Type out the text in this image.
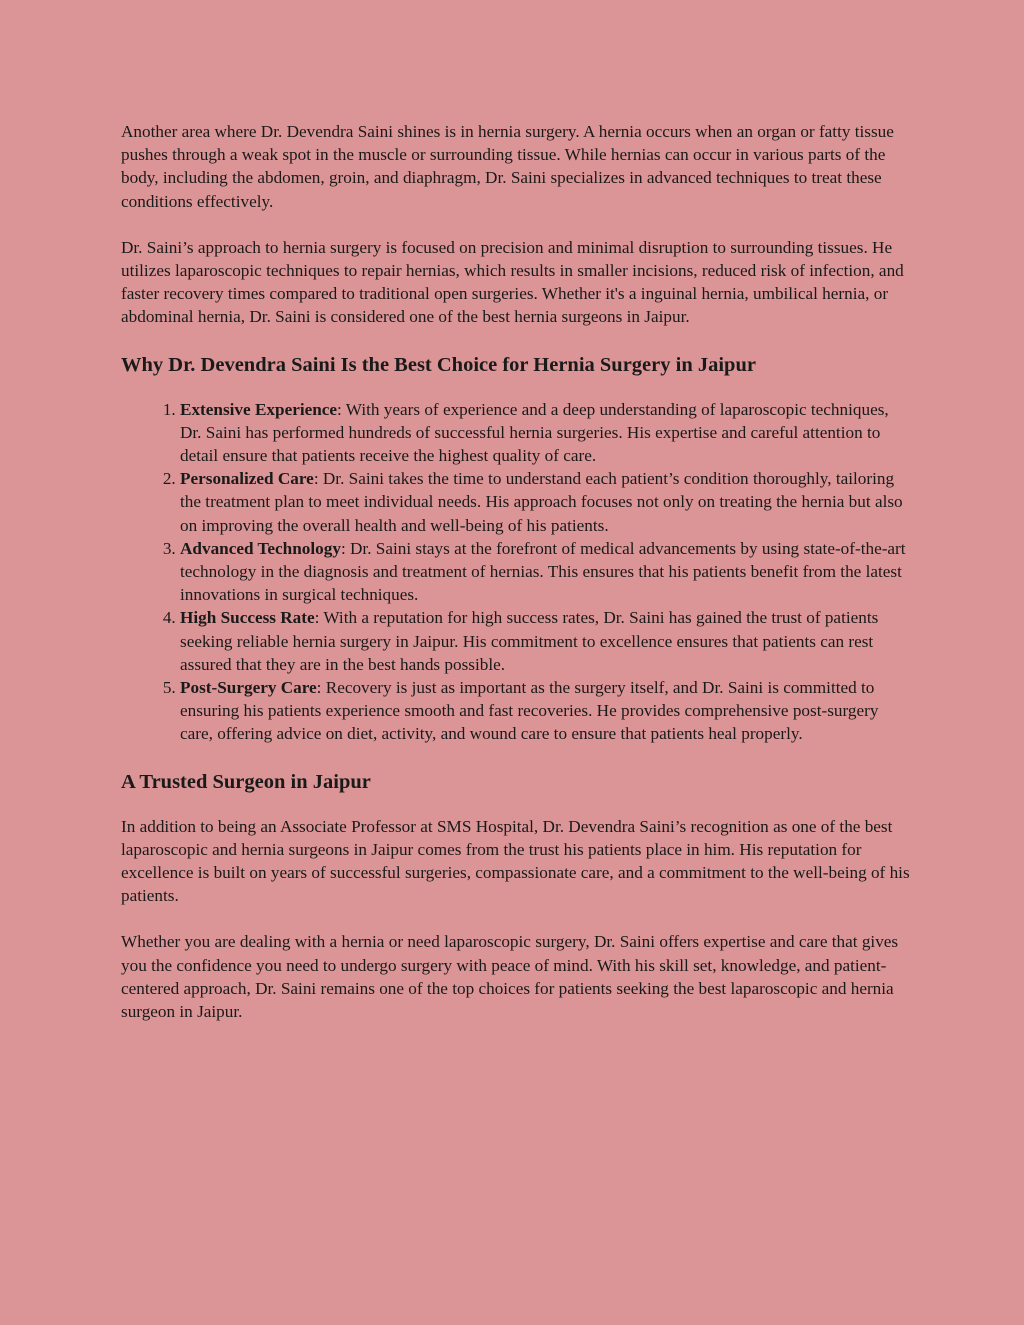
Another area where Dr. Devendra Saini shines is in hernia surgery. A hernia occurs when an organ or fatty tissue pushes through a weak spot in the muscle or surrounding tissue. While hernias can occur in various parts of the body, including the abdomen, groin, and diaphragm, Dr. Saini specializes in advanced techniques to treat these conditions effectively.

Dr. Saini’s approach to hernia surgery is focused on precision and minimal disruption to surrounding tissues. He utilizes laparoscopic techniques to repair hernias, which results in smaller incisions, reduced risk of infection, and faster recovery times compared to traditional open surgeries. Whether it's a inguinal hernia, umbilical hernia, or abdominal hernia, Dr. Saini is considered one of the best hernia surgeons in Jaipur.

Why Dr. Devendra Saini Is the Best Choice for Hernia Surgery in Jaipur
1. Extensive Experience: With years of experience and a deep understanding of laparoscopic techniques, Dr. Saini has performed hundreds of successful hernia surgeries. His expertise and careful attention to detail ensure that patients receive the highest quality of care.
2. Personalized Care: Dr. Saini takes the time to understand each patient’s condition thoroughly, tailoring the treatment plan to meet individual needs. His approach focuses not only on treating the hernia but also on improving the overall health and well-being of his patients.
3. Advanced Technology: Dr. Saini stays at the forefront of medical advancements by using state-of-the-art technology in the diagnosis and treatment of hernias. This ensures that his patients benefit from the latest innovations in surgical techniques.
4. High Success Rate: With a reputation for high success rates, Dr. Saini has gained the trust of patients seeking reliable hernia surgery in Jaipur. His commitment to excellence ensures that patients can rest assured that they are in the best hands possible.
5. Post-Surgery Care: Recovery is just as important as the surgery itself, and Dr. Saini is committed to ensuring his patients experience smooth and fast recoveries. He provides comprehensive post-surgery care, offering advice on diet, activity, and wound care to ensure that patients heal properly.
A Trusted Surgeon in Jaipur

In addition to being an Associate Professor at SMS Hospital, Dr. Devendra Saini’s recognition as one of the best laparoscopic and hernia surgeons in Jaipur comes from the trust his patients place in him. His reputation for excellence is built on years of successful surgeries, compassionate care, and a commitment to the well-being of his patients.

Whether you are dealing with a hernia or need laparoscopic surgery, Dr. Saini offers expertise and care that gives you the confidence you need to undergo surgery with peace of mind. With his skill set, knowledge, and patient-centered approach, Dr. Saini remains one of the top choices for patients seeking the best laparoscopic and hernia surgeon in Jaipur.
